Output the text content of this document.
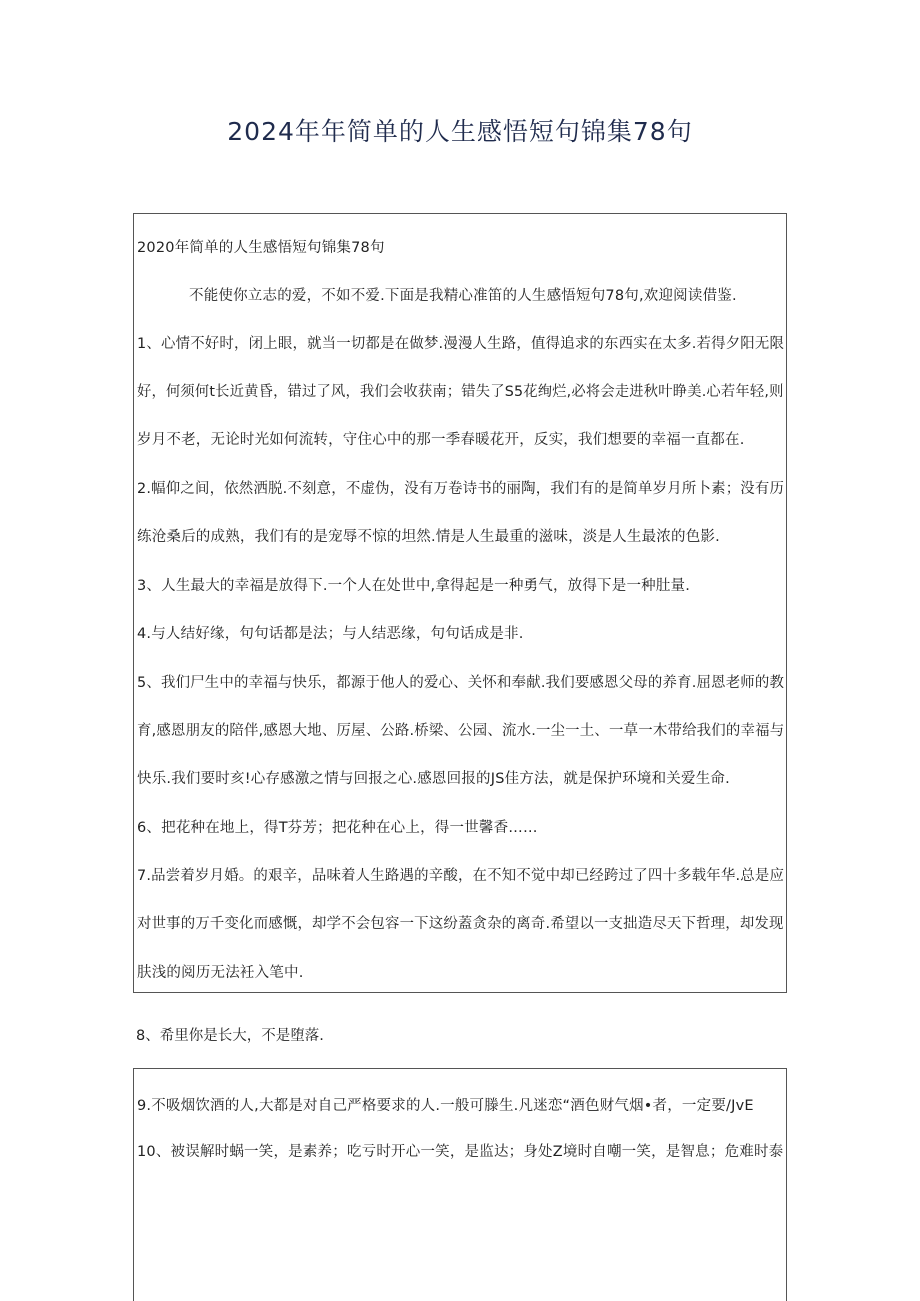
2024年年简单的人生感悟短句锦集78句
2020年简单的人生感悟短句锦集78句
不能使你立志的爱，不如不爱.下面是我精心准笛的人生感悟短句78句,欢迎阅读借鉴.
1、心情不好时，闭上眼，就当一切都是在做梦.漫漫人生路，值得追求的东西实在太多.若得夕阳无限
好，何须何t长近黄昏，错过了风，我们会收获南；错失了S5花绚烂,必将会走进秋叶睁美.心若年轻,则
岁月不老，无论时光如何流转，守住心中的那一季春暖花开，反实，我们想要的幸福一直都在.
2.幅仰之间，依然洒脱.不刻意，不虚伪，没有万卷诗书的丽陶，我们有的是简单岁月所卜素；没有历
练沧桑后的成熟，我们有的是宠辱不惊的坦然.情是人生最重的滋味，淡是人生最浓的色影.
3、人生最大的幸福是放得下.一个人在处世中,拿得起是一种勇气，放得下是一种肚量.
4.与人结好缘，句句话都是法；与人结恶缘，句句话成是非.
5、我们尸生中的幸福与快乐，都源于他人的爱心、关怀和奉献.我们要感恩父母的养育.屈恩老师的教
育,感恩朋友的陪伴,感恩大地、厉屋、公路.桥梁、公园、流水.一尘一土、一草一木带给我们的幸福与
快乐.我们要时亥!心存感激之情与回报之心.感恩回报的JS佳方法，就是保护环境和关爱生命.
6、把花种在地上，得T芬芳；把花种在心上，得一世馨香……
7.品尝着岁月婚。的艰辛，品味着人生路遇的辛酸，在不知不觉中却已经跨过了四十多载年华.总是应
对世事的万千变化而感慨，却学不会包容一下这纷蓋贪杂的离奇.希望以一支拙造尽天下哲理，却发现
肤浅的阅历无法衽入笔中.
8、希里你是长大，不是堕落.
9.不吸烟饮酒的人,大都是对自己严格要求的人.一般可滕生.凡迷恋“酒色财气烟•者，一定要/JvE
10、被误解时蜗一笑，是素养；吃亏时开心一笑，是监达；身处Z境时自嘲一笑，是智息；危难时泰
